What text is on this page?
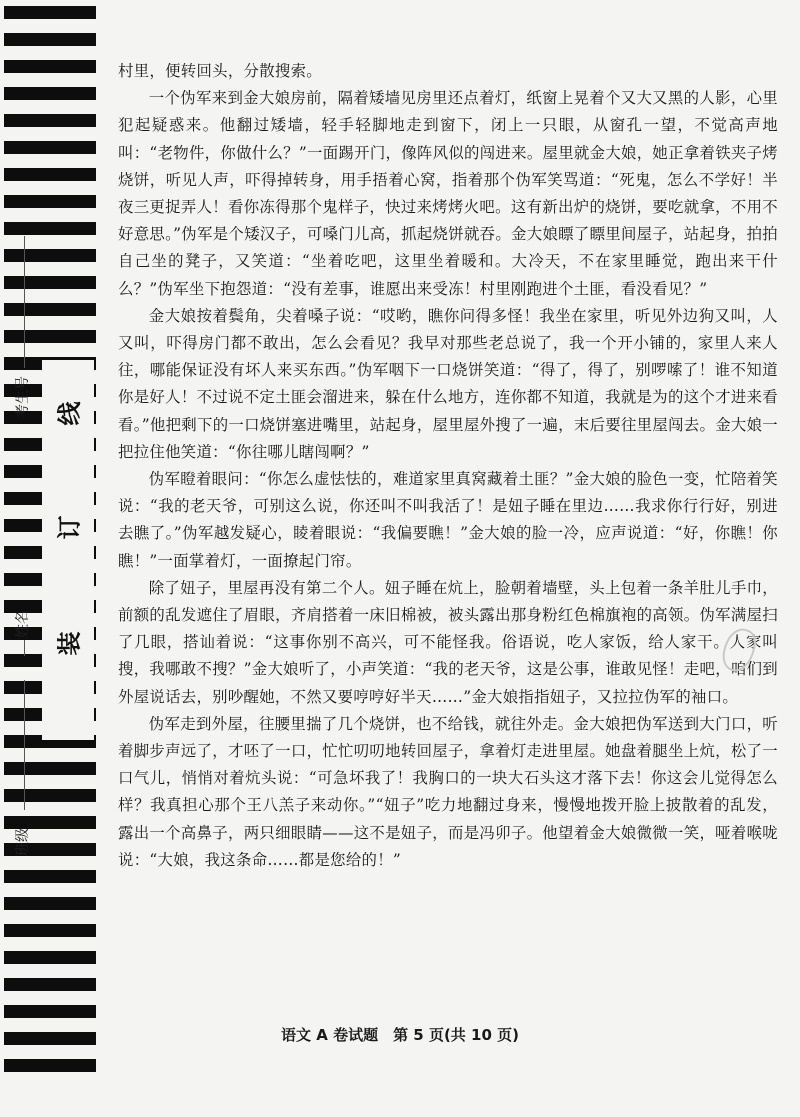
线
订
装
考生号
姓名
班级

村里，便转回头，分散搜索。

一个伪军来到金大娘房前，隔着矮墙见房里还点着灯，纸窗上晃着个又大又黑的人影，心里犯起疑惑来。他翻过矮墙，轻手轻脚地走到窗下，闭上一只眼，从窗孔一望，不觉高声地叫：“老物件，你做什么？”一面踢开门，像阵风似的闯进来。屋里就金大娘，她正拿着铁夹子烤烧饼，听见人声，吓得掉转身，用手捂着心窝，指着那个伪军笑骂道：“死鬼，怎么不学好！半夜三更捉弄人！看你冻得那个鬼样子，快过来烤烤火吧。这有新出炉的烧饼，要吃就拿，不用不好意思。”伪军是个矮汉子，可嗓门儿高，抓起烧饼就吞。金大娘瞟了瞟里间屋子，站起身，拍拍自己坐的凳子，又笑道：“坐着吃吧，这里坐着暖和。大冷天，不在家里睡觉，跑出来干什么？”伪军坐下抱怨道：“没有差事，谁愿出来受冻！村里刚跑进个土匪，看没看见？”

金大娘按着鬓角，尖着嗓子说：“哎哟，瞧你问得多怪！我坐在家里，听见外边狗又叫，人又叫，吓得房门都不敢出，怎么会看见？我早对那些老总说了，我一个开小铺的，家里人来人往，哪能保证没有坏人来买东西。”伪军咽下一口烧饼笑道：“得了，得了，别啰嗦了！谁不知道你是好人！不过说不定土匪会溜进来，躲在什么地方，连你都不知道，我就是为的这个才进来看看。”他把剩下的一口烧饼塞进嘴里，站起身，屋里屋外搜了一遍，末后要往里屋闯去。金大娘一把拉住他笑道：“你往哪儿瞎闯啊？”

伪军瞪着眼问：“你怎么虚怯怯的，难道家里真窝藏着土匪？”金大娘的脸色一变，忙陪着笑说：“我的老天爷，可别这么说，你还叫不叫我活了！是妞子睡在里边……我求你行行好，别进去瞧了。”伪军越发疑心，睖着眼说：“我偏要瞧！”金大娘的脸一冷，应声说道：“好，你瞧！你瞧！”一面掌着灯，一面撩起门帘。

除了妞子，里屋再没有第二个人。妞子睡在炕上，脸朝着墙壁，头上包着一条羊肚儿手巾，前额的乱发遮住了眉眼，齐肩搭着一床旧棉被，被头露出那身粉红色棉旗袍的高领。伪军满屋扫了几眼，搭讪着说：“这事你别不高兴，可不能怪我。俗语说，吃人家饭，给人家干。人家叫搜，我哪敢不搜？”金大娘听了，小声笑道：“我的老天爷，这是公事，谁敢见怪！走吧，咱们到外屋说话去，别吵醒她，不然又要哼哼好半天……”金大娘指指妞子，又拉拉伪军的袖口。

伪军走到外屋，往腰里揣了几个烧饼，也不给钱，就往外走。金大娘把伪军送到大门口，听着脚步声远了，才呸了一口，忙忙叨叨地转回屋子，拿着灯走进里屋。她盘着腿坐上炕，松了一口气儿，悄悄对着炕头说：“可急坏我了！我胸口的一块大石头这才落下去！你这会儿觉得怎么样？我真担心那个王八羔子来动你。”“妞子”吃力地翻过身来，慢慢地拨开脸上披散着的乱发，露出一个高鼻子，两只细眼睛——这不是妞子，而是冯卯子。他望着金大娘微微一笑，哑着喉咙说：“大娘，我这条命……都是您给的！”

语文 A 卷试题　第 5 页(共 10 页)
